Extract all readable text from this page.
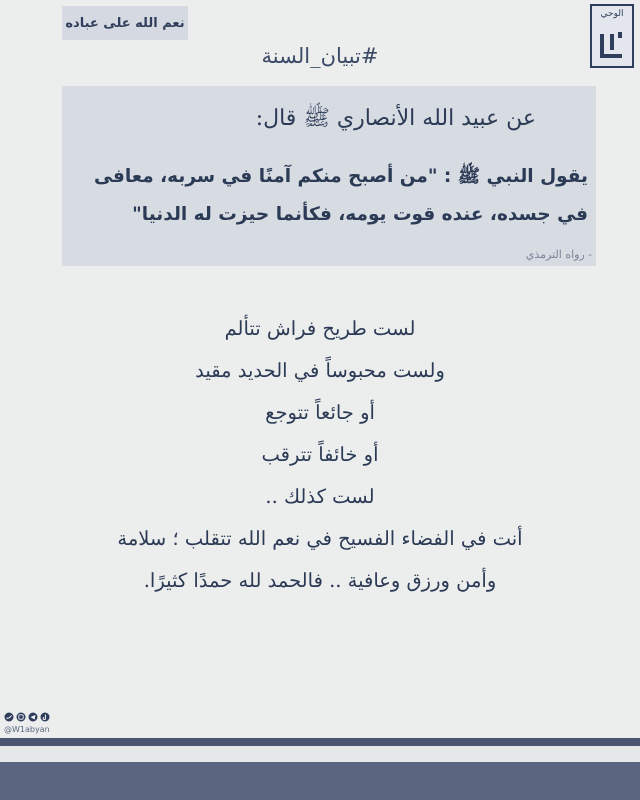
نعم الله على عباده
الوحي
#تبيان_السنة
عن عبيد الله الأنصاري ﷺ قال:
يقول النبي ﷺ : "من أصبح منكم آمنًا في سربه، معافى
في جسده، عنده قوت يومه، فكأنما حيزت له الدنيا"
- رواه الترمذي
لست طريح فراش تتألم
ولست محبوساً في الحديد مقيد
أو جائعاً تتوجع
أو خائفاً تترقب
لست كذلك ..
أنت في الفضاء الفسيح في نعم الله تتقلب ؛ سلامة
وأمن ورزق وعافية .. فالحمد لله حمدًا كثيرًا.
@W1abyan
